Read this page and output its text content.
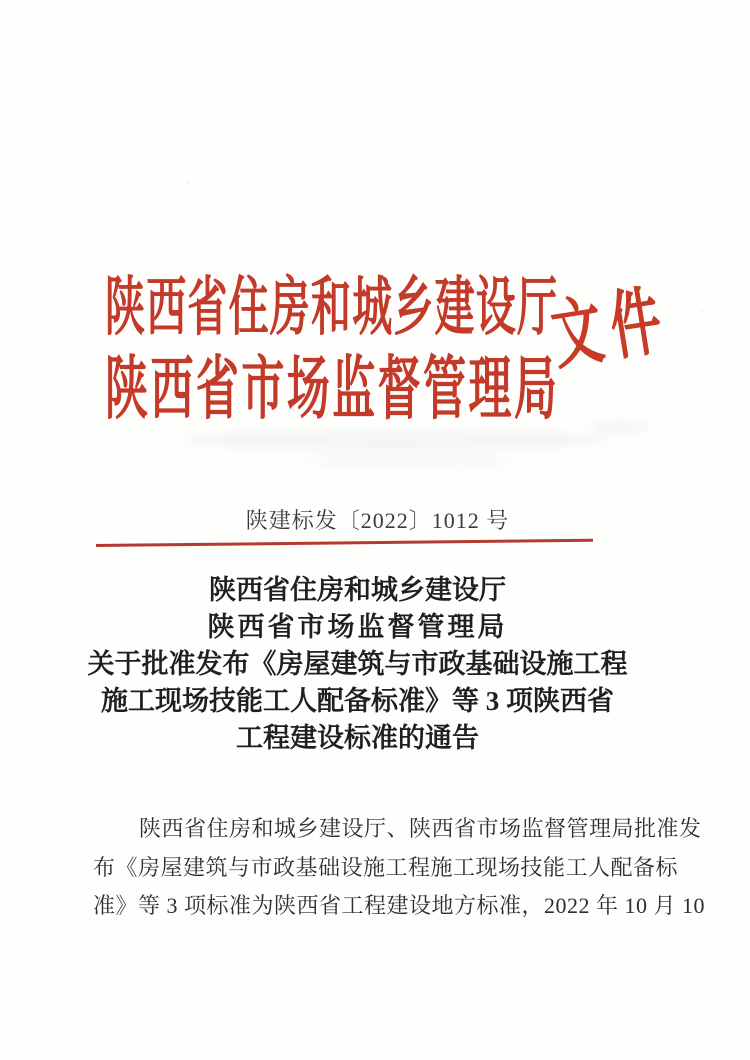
陕西省住房和城乡建设厅
陕西省市场监督管理局
文件
陕建标发〔2022〕1012 号
陕西省住房和城乡建设厅
陕西省市场监督管理局
关于批准发布《房屋建筑与市政基础设施工程
施工现场技能工人配备标准》等 3 项陕西省
工程建设标准的通告
陕西省住房和城乡建设厅、陕西省市场监督管理局批准发
布《房屋建筑与市政基础设施工程施工现场技能工人配备标
准》等 3 项标准为陕西省工程建设地方标准，2022 年 10 月 10
